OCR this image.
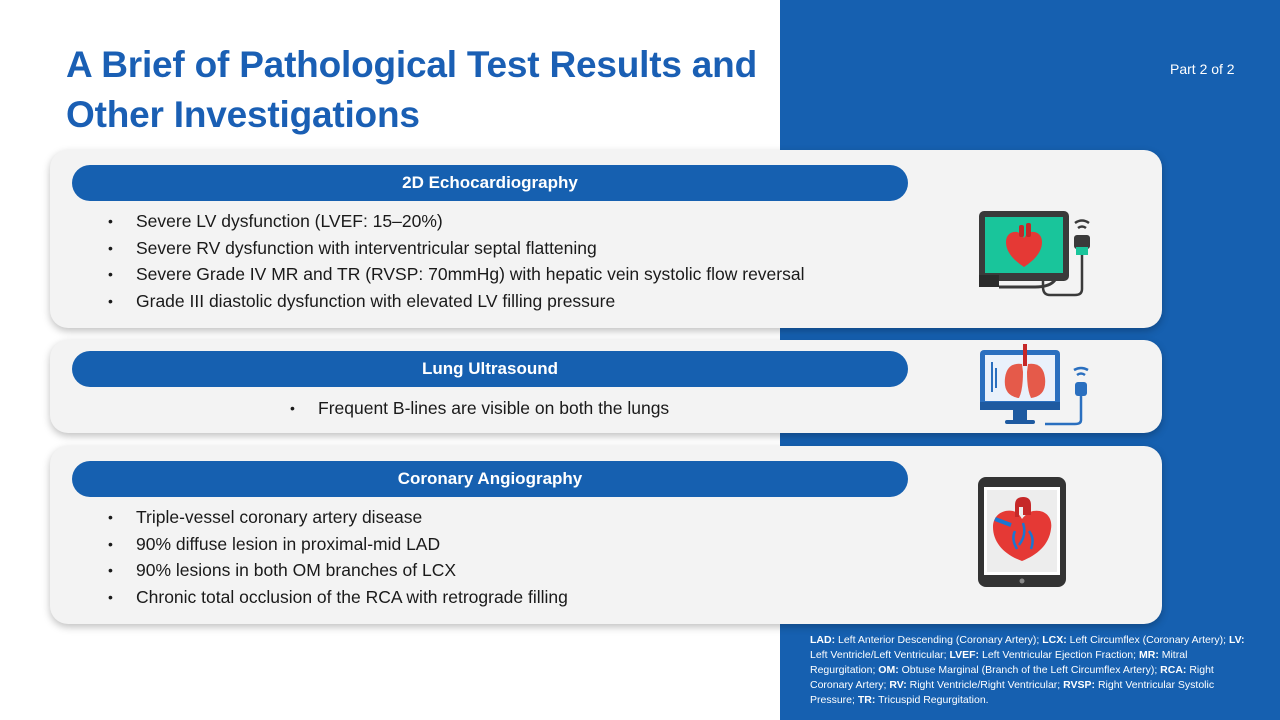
A Brief of Pathological Test Results and Other Investigations
Part 2 of 2
2D Echocardiography
• Severe LV dysfunction (LVEF: 15–20%)
• Severe RV dysfunction with interventricular septal flattening
• Severe Grade IV MR and TR (RVSP: 70mmHg) with hepatic vein systolic flow reversal
• Grade III diastolic dysfunction with elevated LV filling pressure
Lung Ultrasound
• Frequent B-lines are visible on both the lungs
Coronary Angiography
• Triple-vessel coronary artery disease
• 90% diffuse lesion in proximal-mid LAD
• 90% lesions in both OM branches of LCX
• Chronic total occlusion of the RCA with retrograde filling
LAD: Left Anterior Descending (Coronary Artery); LCX: Left Circumflex (Coronary Artery); LV: Left Ventricle/Left Ventricular; LVEF: Left Ventricular Ejection Fraction; MR: Mitral Regurgitation; OM: Obtuse Marginal (Branch of the Left Circumflex Artery); RCA: Right Coronary Artery; RV: Right Ventricle/Right Ventricular; RVSP: Right Ventricular Systolic Pressure; TR: Tricuspid Regurgitation.
